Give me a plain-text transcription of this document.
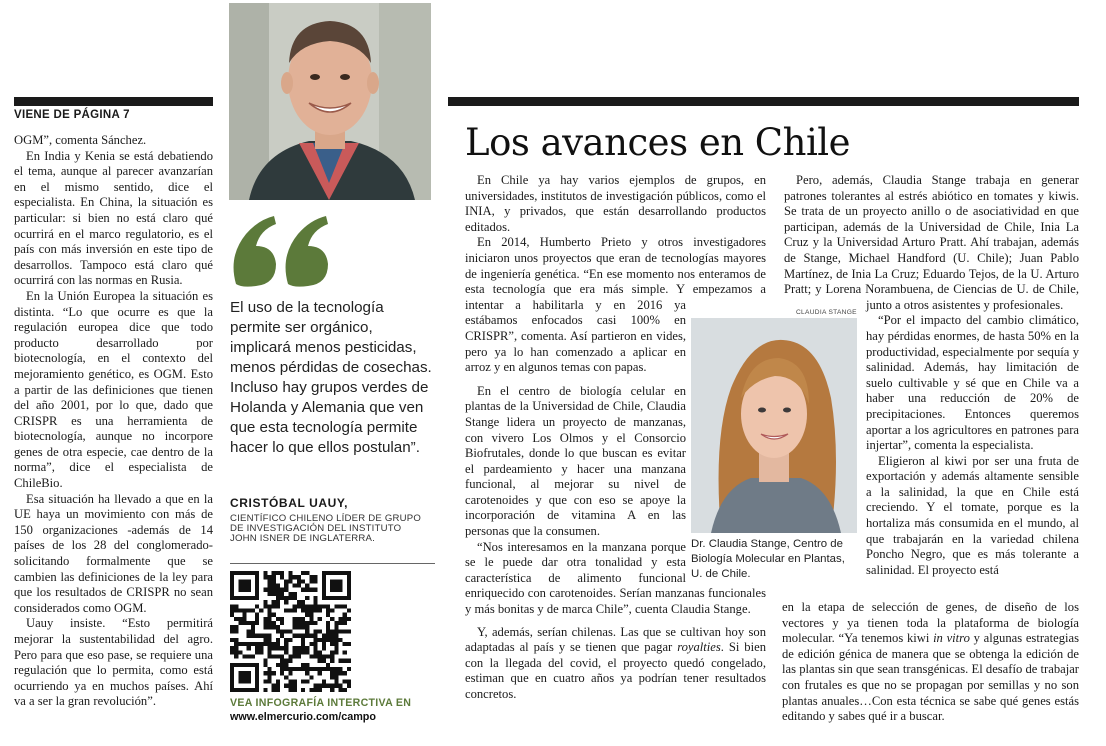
VIENE DE PÁGINA 7

OGM”, comenta Sánchez.

En India y Kenia se está debatiendo el tema, aunque al parecer avanzarían en el mismo sentido, dice el especialista. En China, la situación es particular: si bien no está claro qué ocurrirá en el marco regulatorio, es el país con más inversión en este tipo de desarrollos. Tampoco está claro qué ocurrirá con las normas en Rusia.

En la Unión Europea la situación es distinta. “Lo que ocurre es que la regulación europea dice que todo producto desarrollado por biotecnología, en el contexto del mejoramiento genético, es OGM. Esto a partir de las definiciones que tienen del año 2001, por lo que, dado que CRISPR es una herramienta de biotecnología, aunque no incorpore genes de otra especie, cae dentro de la norma”, dice el especialista de ChileBio.

Esa situación ha llevado a que en la UE haya un movimiento con más de 150 organizaciones -además de 14 países de los 28 del conglomerado- solicitando formalmente que se cambien las definiciones de la ley para que los resultados de CRISPR no sean considerados como OGM.

Uauy insiste. “Esto permitirá mejorar la sustentabilidad del agro. Pero para que eso pase, se requiere una regulación que lo permita, como está ocurriendo ya en muchos países. Ahí va a ser la gran revolución”.

El uso de la tecnología permite ser orgánico, implicará menos pesticidas, menos pérdidas de cosechas. Incluso hay grupos verdes de Holanda y Alemania que ven que esta tecnología permite hacer lo que ellos postulan”.
CRISTÓBAL UAUY,
CIENTÍFICO CHILENO LÍDER DE GRUPO DE INVESTIGACIÓN DEL INSTITUTO JOHN ISNER DE INGLATERRA.
VEA INFOGRAFÍA INTERCTIVA EN
www.elmercurio.com/campo
Los avances en Chile

En Chile ya hay varios ejemplos de grupos, en universidades, institutos de investigación públicos, como el INIA, y privados, que están desarrollando productos editados.

En 2014, Humberto Prieto y otros investigadores iniciaron unos proyectos que eran de tecnologías mayores de ingeniería genética. “En ese momento nos enteramos de esta tecnología que era más simple. Y empezamos a intentar a habilitarla y en 2016 ya estábamos enfocados casi 100% en CRISPR”, comenta. Así partieron en vides, pero ya lo han comenzado a aplicar en arroz y en algunos temas con papas.

En el centro de biología celular en plantas de la Universidad de Chile, Claudia Stange lidera un proyecto de manzanas, con vivero Los Olmos y el Consorcio Biofrutales, donde lo que buscan es evitar el pardeamiento y hacer una manzana funcional, al mejorar su nivel de carotenoides y que con eso se apoye la incorporación de vitamina A en las personas que la consumen.

“Nos interesamos en la manzana porque se le puede dar otra tonalidad y esta característica de alimento funcional enriquecido con carotenoides. Serían manzanas funcionales y más bonitas y de marca Chile”, cuenta Claudia Stange.

Y, además, serían chilenas. Las que se cultivan hoy son adaptadas al país y se tienen que pagar royalties. Si bien con la llegada del covid, el proyecto quedó congelado, estiman que en cuatro años ya podrían tener resultados concretos.

CLAUDIA STANGE
Dr. Claudia Stange, Centro de Biología Molecular en Plantas, U. de Chile.

Pero, además, Claudia Stange trabaja en generar patrones tolerantes al estrés abiótico en tomates y kiwis. Se trata de un proyecto anillo o de asociatividad en que participan, además de la Universidad de Chile, Inia La Cruz y la Universidad Arturo Pratt. Ahí trabajan, además de Stange, Michael Handford (U. Chile); Juan Pablo Martínez, de Inia La Cruz; Eduardo Tejos, de la U. Arturo Pratt; y Lorena Norambuena, de Ciencias de U. de Chile, junto a otros asistentes y profesionales.

“Por el impacto del cambio climático, hay pérdidas enormes, de hasta 50% en la productividad, especialmente por sequía y salinidad. Además, hay limitación de suelo cultivable y sé que en Chile va a haber una reducción de 20% de precipitaciones. Entonces queremos aportar a los agricultores en patrones para injertar”, comenta la especialista.

Eligieron al kiwi por ser una fruta de exportación y además altamente sensible a la salinidad, la que en Chile está creciendo. Y el tomate, porque es la hortaliza más consumida en el mundo, al que trabajarán en la variedad chilena Poncho Negro, que es más tolerante a salinidad. El proyecto está

en la etapa de selección de genes, de diseño de los vectores y ya tienen toda la plataforma de biología molecular. “Ya tenemos kiwi in vitro y algunas estrategias de edición génica de manera que se obtenga la edición de las plantas sin que sean transgénicas. El desafío de trabajar con frutales es que no se propagan por semillas y no son plantas anuales…Con esta técnica se sabe qué genes estás editando y sabes qué ir a buscar.
